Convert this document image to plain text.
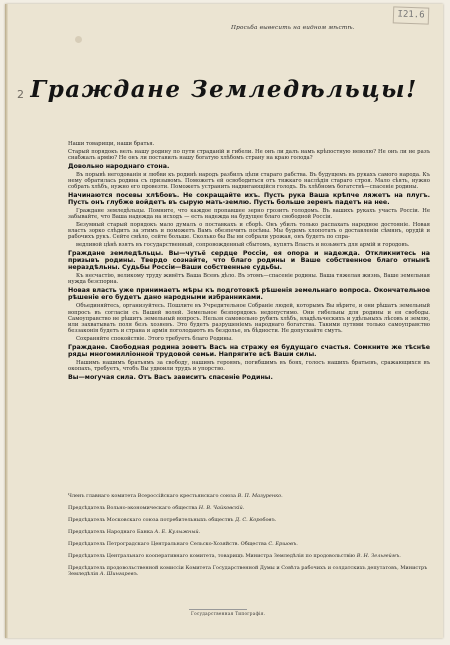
I21.6
2
Просьба вывесить на видном мѣстѣ.
Граждане Земледѣльцы!

Наши товарищи, наши братья.

Старый порядокъ велъ нашу родину по пути страданій и гибели. Не онъ ли далъ намъ крѣпостную неволю? Не онъ ли не разъ снабжалъ армію? Не онъ ли поставилъ нашу богатую хлѣбомъ страну на краю голода?

Довольно народнаго стона.

Въ порывѣ негодованія и любви къ родинѣ народъ разбилъ цѣпи стараго рабства. Въ будущемъ въ рукахъ самого народа. Къ нему обратилась родина съ призывомъ. Поможетъ ей освободиться отъ тяжкаго наслѣдія стараго строя. Мало сѣять, нужно собрать хлѣбъ, нужно его провезти. Поможетъ устранить надвигающійся голодъ. Въ хлѣбномъ богатствѣ—спасеніе родины.

Начинаются посевы хлѣбовъ. Не сокращайте ихъ. Пусть рука Ваша крѣпче ляжетъ на плугъ. Пусть онъ глубже войдетъ въ сырую мать-землю. Пусть больше зеренъ падетъ на нее.

Граждане земледѣльцы. Помните, что каждое пропавшее зерно грозитъ голодомъ. Въ вашихъ рукахъ участь Россіи. Не забывайте, что Ваша надежда на исходъ — есть надежда на будущее благо свободной Россіи.

Безумный старый порядокъ мало думалъ о поставкахъ и сборѣ. Онъ убилъ только распахать народное достояніе. Новая власть зорко слѣдитъ за этимъ и поможетъ Вамъ обезпечить посѣвы. Мы будемъ хлопотать о доставленіи сѣмянъ, орудій и рабочихъ рукъ. Сейте смѣло, сейте больше. Сколько бы Вы ни собрали урожая, онъ будетъ по спра-

ведливой цѣнѣ взятъ въ государственный, сопровожденный сбытомъ, купятъ Власть и возьметъ для армій и городовъ.

Граждане земледѣльцы. Вы—чутьё сердце Россіи, ея опора и надежда. Откликнитесь на призывъ родины. Твердо сознайте, что благо родины и Ваше собственное благо отнынѣ нераздѣльны. Судьбы Россіи—Ваши собственные судьбы.

Къ несчастію, великому труду живётъ Ваша Всевъ дѣло. Въ этомъ—спасеніе родины. Ваша тяжелая жизнь, Ваше земельная нужда безспорна.

Новая власть уже принимаетъ мѣры къ подготовкѣ рѣшенія земельнаго вопроса. Окончательное рѣшеніе его будетъ дано народными избранниками.

Объединяйтесь, организуйтесь. Пошлите въ Учредительное Собраніе людей, которымъ Вы вѣрите, и они рѣшатъ земельный вопросъ въ согласіи съ Вашей волей. Земельное безпорядокъ недопустимо. Они гибельны для родины и ея свободы. Самоуправство не рѣшитъ земельный вопросъ. Нельзя самовольно рубить хлѣбъ, владѣльческихъ и удѣльныхъ лѣсовъ и землю, или захватывать поля безъ хозяевъ. Это будетъ разрушеніемъ народнаго богатства. Такими путями только самоуправство беззаконія будетъ и страна и армія поголодаютъ въ бездолье, въ бѣдности. Не допускайте смутъ.

Сохраняйте спокойствіе. Этого требуетъ благо Родины.

Граждане. Свободная родина зоветъ Васъ на стражу ея будущаго счастья. Сомкните же тѣснѣе ряды многомилліонной трудовой семьи. Напрягите всѣ Ваши силы.

Нашимъ нашимъ братьямъ за свободу, нашимъ героямъ, погибшимъ въ боях, голосъ нашихъ братьевъ, сражающихся въ окопахъ, требуетъ, чтобъ Вы удвоили трудъ и упорство.

Вы—могучая сила. Отъ Васъ зависитъ спасеніе Родины.

Членъ главнаго комитета Всероссійскаго крестьянскаго союза В. П. Мазуренко.
Предсѣдатель Вольно-экономическаго общества Н. В. Чайковскій.
Предсѣдатель Московскаго союза потребительныхъ обществъ Д. С. Коробовъ.
Предсѣдатель Народнаго Банка А. Е. Кулыжный.
Предсѣдатель Петроградскаго Центральнаго Сельско-Хозяйств. Общества С. Ершовъ.
Предсѣдатель Центральнаго кооперативнаго комитета, товарищъ Министра Земледѣлія по продовольствію В. Н. Зельгеймъ.
Предсѣдатель продовольственной комиссіи Комитета Государственной Думы и Совѣта рабочихъ и солдатскихъ депутатовъ, Министръ Земледѣлія А. Шингаревъ.
Государственная Типографія.
